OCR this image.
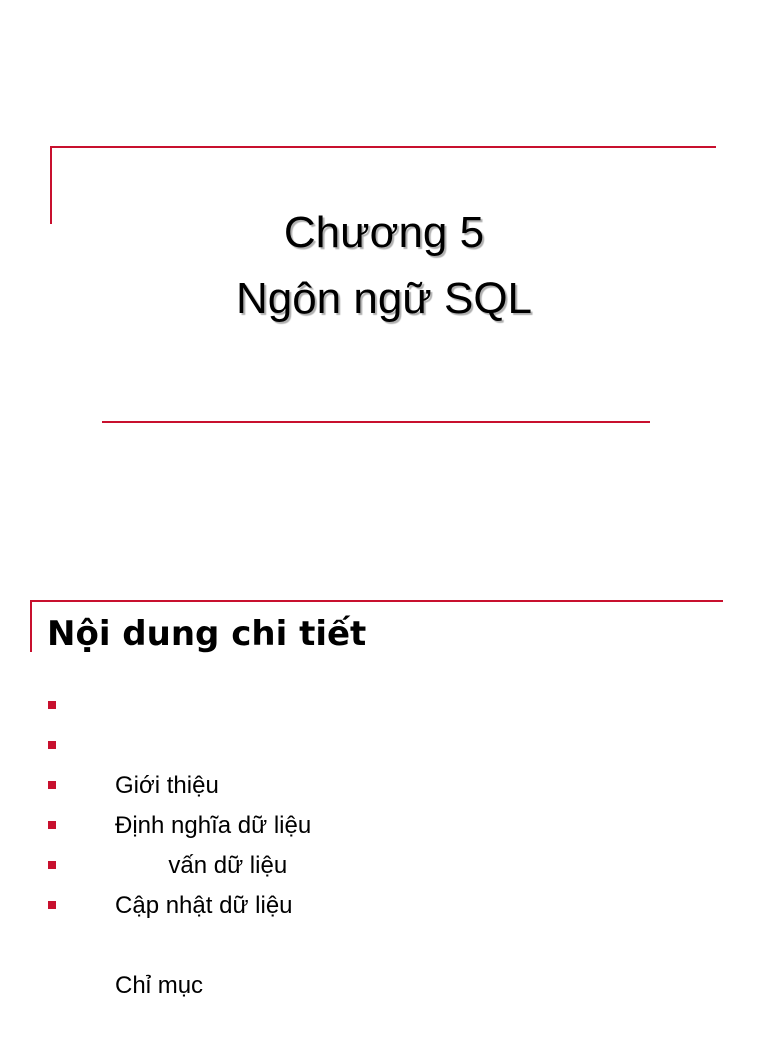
Chương 5
Ngôn ngữ SQL
Nội dung chi tiết

Giới thiệu

Định nghĩa dữ liệu

vấn dữ liệu

Cập nhật dữ liệu

Chỉ mục
